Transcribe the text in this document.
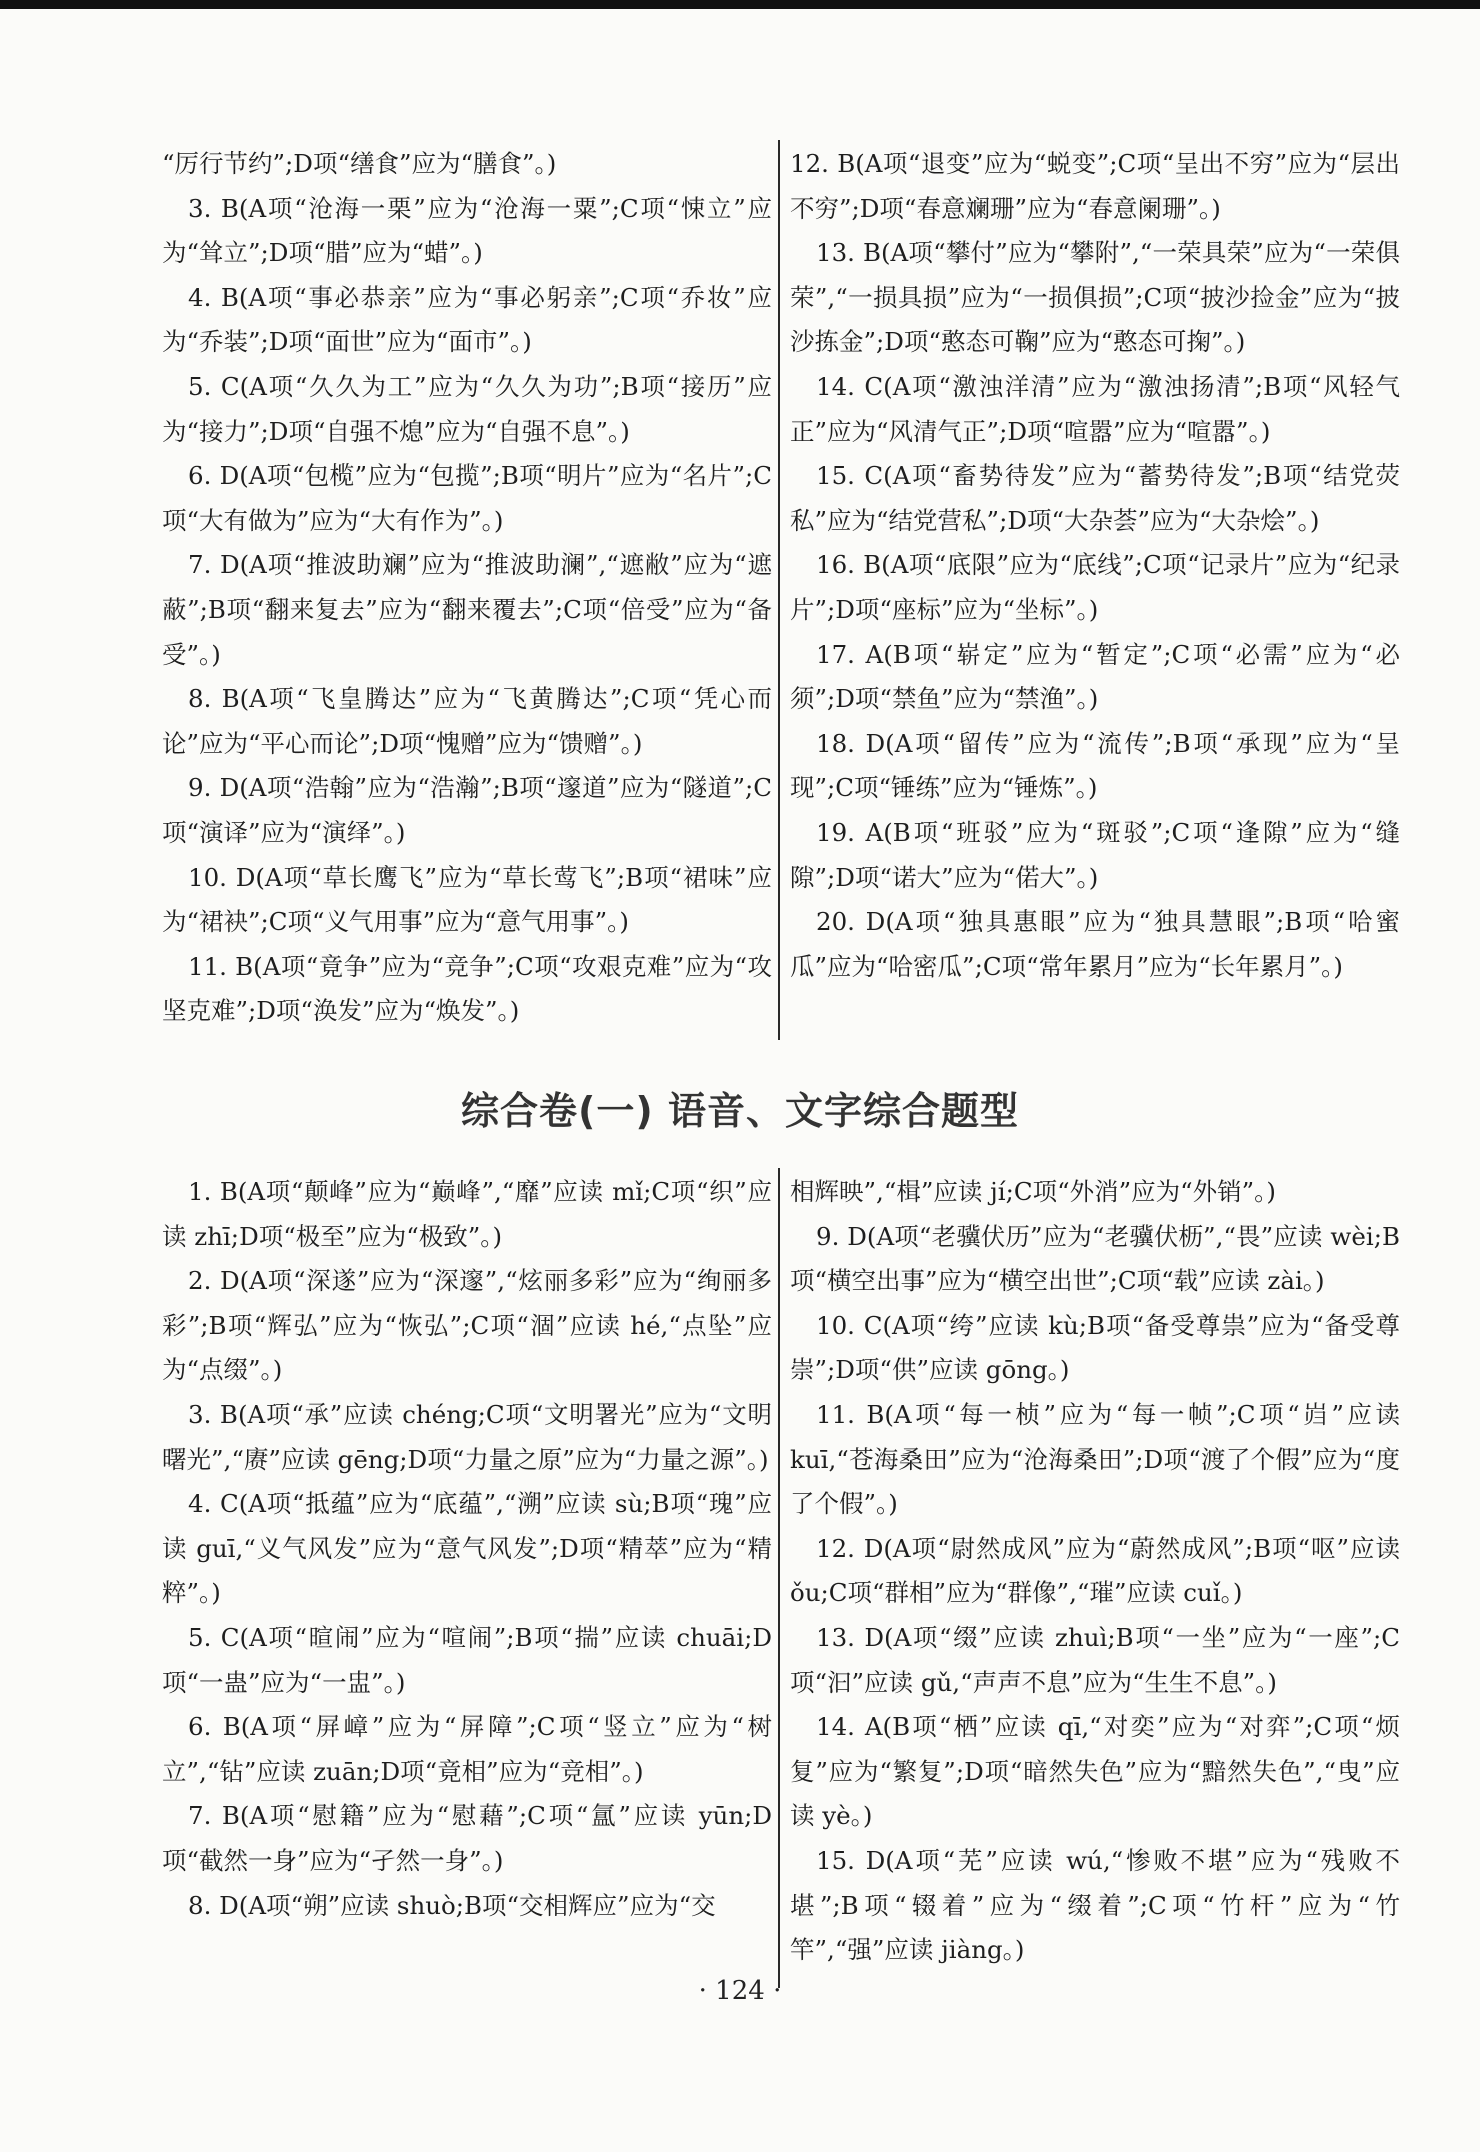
“厉行节约”;D项“缮食”应为“膳食”。)

3. B(A项“沧海一栗”应为“沧海一粟”;C项“悚立”应为“耸立”;D项“腊”应为“蜡”。)

4. B(A项“事必恭亲”应为“事必躬亲”;C项“乔妆”应为“乔装”;D项“面世”应为“面市”。)

5. C(A项“久久为工”应为“久久为功”;B项“接历”应为“接力”;D项“自强不熄”应为“自强不息”。)

6. D(A项“包榄”应为“包揽”;B项“明片”应为“名片”;C项“大有做为”应为“大有作为”。)

7. D(A项“推波助斓”应为“推波助澜”,“遮敝”应为“遮蔽”;B项“翻来复去”应为“翻来覆去”;C项“倍受”应为“备受”。)

8. B(A项“飞皇腾达”应为“飞黄腾达”;C项“凭心而论”应为“平心而论”;D项“愧赠”应为“馈赠”。)

9. D(A项“浩翰”应为“浩瀚”;B项“邃道”应为“隧道”;C项“演译”应为“演绎”。)

10. D(A项“草长鹰飞”应为“草长莺飞”;B项“裙味”应为“裙袂”;C项“义气用事”应为“意气用事”。)

11. B(A项“竟争”应为“竞争”;C项“攻艰克难”应为“攻坚克难”;D项“涣发”应为“焕发”。)

12. B(A项“退变”应为“蜕变”;C项“呈出不穷”应为“层出不穷”;D项“春意斓珊”应为“春意阑珊”。)

13. B(A项“攀付”应为“攀附”,“一荣具荣”应为“一荣俱荣”,“一损具损”应为“一损俱损”;C项“披沙捡金”应为“披沙拣金”;D项“憨态可鞠”应为“憨态可掬”。)

14. C(A项“激浊洋清”应为“激浊扬清”;B项“风轻气正”应为“风清气正”;D项“喧嚣”应为“喧嚣”。)

15. C(A项“畜势待发”应为“蓄势待发”;B项“结党荧私”应为“结党营私”;D项“大杂荟”应为“大杂烩”。)

16. B(A项“底限”应为“底线”;C项“记录片”应为“纪录片”;D项“座标”应为“坐标”。)

17. A(B项“崭定”应为“暂定”;C项“必需”应为“必须”;D项“禁鱼”应为“禁渔”。)

18. D(A项“留传”应为“流传”;B项“承现”应为“呈现”;C项“锤练”应为“锤炼”。)

19. A(B项“班驳”应为“斑驳”;C项“逢隙”应为“缝隙”;D项“诺大”应为“偌大”。)

20. D(A项“独具惠眼”应为“独具慧眼”;B项“哈蜜瓜”应为“哈密瓜”;C项“常年累月”应为“长年累月”。)

综合卷(一) 语音、文字综合题型

1. B(A项“颠峰”应为“巅峰”,“靡”应读 mǐ;C项“织”应读 zhī;D项“极至”应为“极致”。)

2. D(A项“深遂”应为“深邃”,“炫丽多彩”应为“绚丽多彩”;B项“辉弘”应为“恢弘”;C项“涸”应读 hé,“点坠”应为“点缀”。)

3. B(A项“承”应读 chéng;C项“文明署光”应为“文明曙光”,“赓”应读 gēng;D项“力量之原”应为“力量之源”。)

4. C(A项“抵蕴”应为“底蕴”,“溯”应读 sù;B项“瑰”应读 guī,“义气风发”应为“意气风发”;D项“精萃”应为“精粹”。)

5. C(A项“暄闹”应为“喧闹”;B项“揣”应读 chuāi;D项“一蛊”应为“一盅”。)

6. B(A项“屏嶂”应为“屏障”;C项“竖立”应为“树立”,“钻”应读 zuān;D项“竟相”应为“竞相”。)

7. B(A项“慰籍”应为“慰藉”;C项“氲”应读 yūn;D项“截然一身”应为“孑然一身”。)

8. D(A项“朔”应读 shuò;B项“交相辉应”应为“交

相辉映”,“楫”应读 jí;C项“外消”应为“外销”。)

9. D(A项“老骥伏历”应为“老骥伏枥”,“畏”应读 wèi;B项“横空出事”应为“横空出世”;C项“载”应读 zài。)

10. C(A项“绔”应读 kù;B项“备受尊祟”应为“备受尊崇”;D项“供”应读 gōng。)

11. B(A项“每一桢”应为“每一帧”;C项“岿”应读 kuī,“苍海桑田”应为“沧海桑田”;D项“渡了个假”应为“度了个假”。)

12. D(A项“尉然成风”应为“蔚然成风”;B项“呕”应读 ǒu;C项“群相”应为“群像”,“璀”应读 cuǐ。)

13. D(A项“缀”应读 zhuì;B项“一坐”应为“一座”;C项“汩”应读 gǔ,“声声不息”应为“生生不息”。)

14. A(B项“栖”应读 qī,“对奕”应为“对弈”;C项“烦复”应为“繁复”;D项“暗然失色”应为“黯然失色”,“曳”应读 yè。)

15. D(A项“芜”应读 wú,“惨败不堪”应为“残败不堪”;B项“辍着”应为“缀着”;C项“竹杆”应为“竹竿”,“强”应读 jiàng。)

· 124 ·
